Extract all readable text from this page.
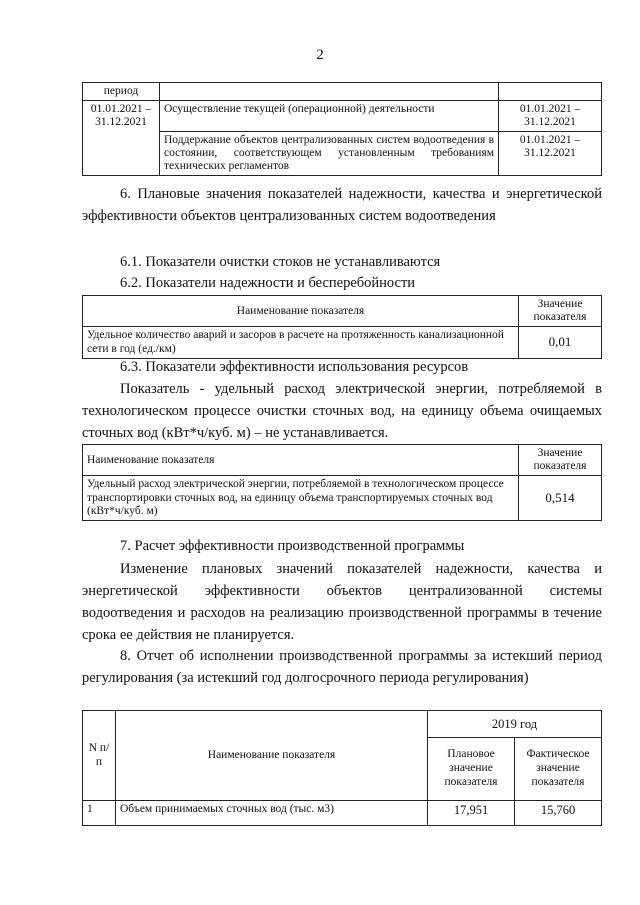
2
период		
01.01.2021 – 31.12.2021	Осуществление текущей (операционной) деятельности	01.01.2021 – 31.12.2021
	Поддержание объектов централизованных систем водоотведения в состоянии, соответствующем установленным требованиям технических регламентов	01.01.2021 – 31.12.2021
6. Плановые значения показателей надежности, качества и энергетической эффективности объектов централизованных систем водоотведения
6.1. Показатели очистки стоков не устанавливаются
6.2. Показатели надежности и бесперебойности
Наименование показателя	Значение показателя
Удельное количество аварий и засоров в расчете на протяженность канализационной сети в год (ед./км)	0,01
6.3. Показатели эффективности использования ресурсов
Показатель - удельный расход электрической энергии, потребляемой в технологическом процессе очистки сточных вод, на единицу объема очищаемых сточных вод (кВт*ч/куб. м) – не устанавливается.
Наименование показателя	Значение показателя
Удельный расход электрической энергии, потребляемой в технологическом процессе транспортировки сточных вод, на единицу объема транспортируемых сточных вод (кВт*ч/куб. м)	0,514
7. Расчет эффективности производственной программы
Изменение плановых значений показателей надежности, качества и энергетической эффективности объектов централизованной системы водоотведения и расходов на реализацию производственной программы в течение срока ее действия не планируется.
8. Отчет об исполнении производственной программы за истекший период регулирования (за истекший год долгосрочного периода регулирования)
N п/п	Наименование показателя	2019 год	
		Плановое значение показателя	Фактическое значение показателя
1	Объем принимаемых сточных вод (тыс. м3)	17,951	15,760
